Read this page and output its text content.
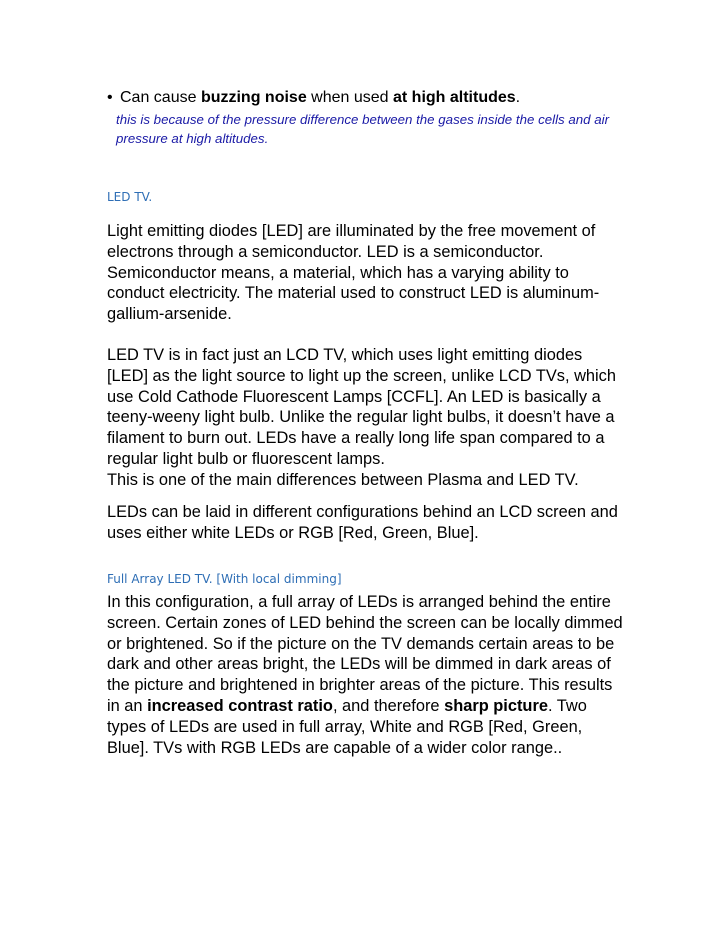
• Can cause buzzing noise when used at high altitudes.
this is because of the pressure difference between the gases inside the cells and air pressure at high altitudes.
LED TV.

Light emitting diodes [LED] are illuminated by the free movement of electrons through a semiconductor. LED is a semiconductor. Semiconductor means, a material, which has a varying ability to conduct electricity. The material used to construct LED is aluminum-gallium-arsenide.

LED TV is in fact just an LCD TV, which uses light emitting diodes [LED] as the light source to light up the screen, unlike LCD TVs, which use Cold Cathode Fluorescent Lamps [CCFL]. An LED is basically a teeny-weeny light bulb. Unlike the regular light bulbs, it doesn’t have a filament to burn out. LEDs have a really long life span compared to a regular light bulb or fluorescent lamps.
This is one of the main differences between Plasma and LED TV.

LEDs can be laid in different configurations behind an LCD screen and uses either white LEDs or RGB [Red, Green, Blue].

Full Array LED TV. [With local dimming]

In this configuration, a full array of LEDs is arranged behind the entire screen. Certain zones of LED behind the screen can be locally dimmed or brightened. So if the picture on the TV demands certain areas to be dark and other areas bright, the LEDs will be dimmed in dark areas of the picture and brightened in brighter areas of the picture. This results in an increased contrast ratio, and therefore sharp picture. Two types of LEDs are used in full array, White and RGB [Red, Green, Blue]. TVs with RGB LEDs are capable of a wider color range..
